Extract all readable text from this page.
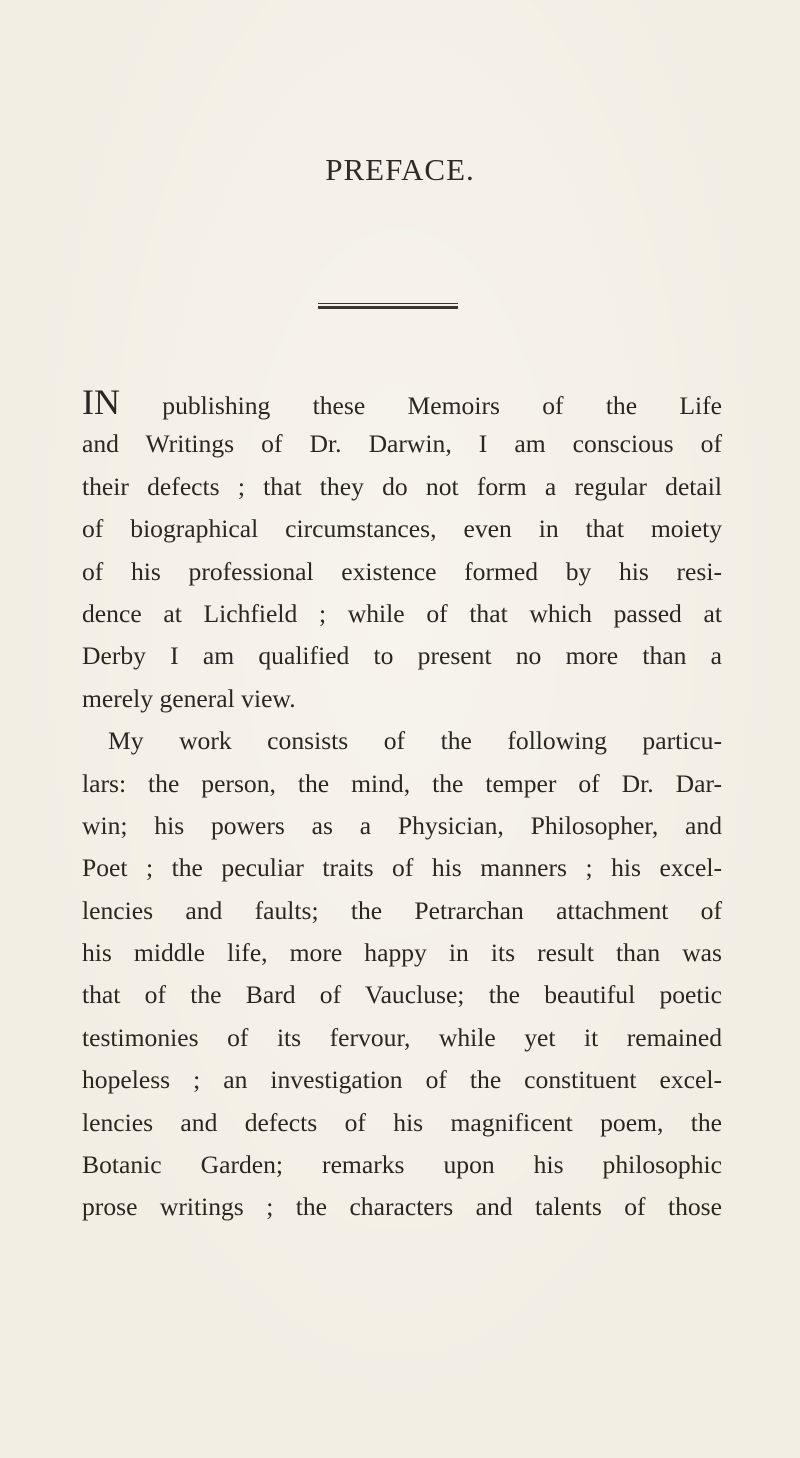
PREFACE.
IN publishing these Memoirs of the Life
and Writings of Dr. Darwin, I am conscious of
their defects ; that they do not form a regular detail
of biographical circumstances, even in that moiety
of his professional existence formed by his resi-
dence at Lichfield ; while of that which passed at
Derby I am qualified to present no more than a
merely general view.
My work consists of the following particu-
lars: the person, the mind, the temper of Dr. Dar-
win; his powers as a Physician, Philosopher, and
Poet ; the peculiar traits of his manners ; his excel-
lencies and faults; the Petrarchan attachment of
his middle life, more happy in its result than was
that of the Bard of Vaucluse; the beautiful poetic
testimonies of its fervour, while yet it remained
hopeless ; an investigation of the constituent excel-
lencies and defects of his magnificent poem, the
Botanic Garden; remarks upon his philosophic
prose writings ; the characters and talents of those
